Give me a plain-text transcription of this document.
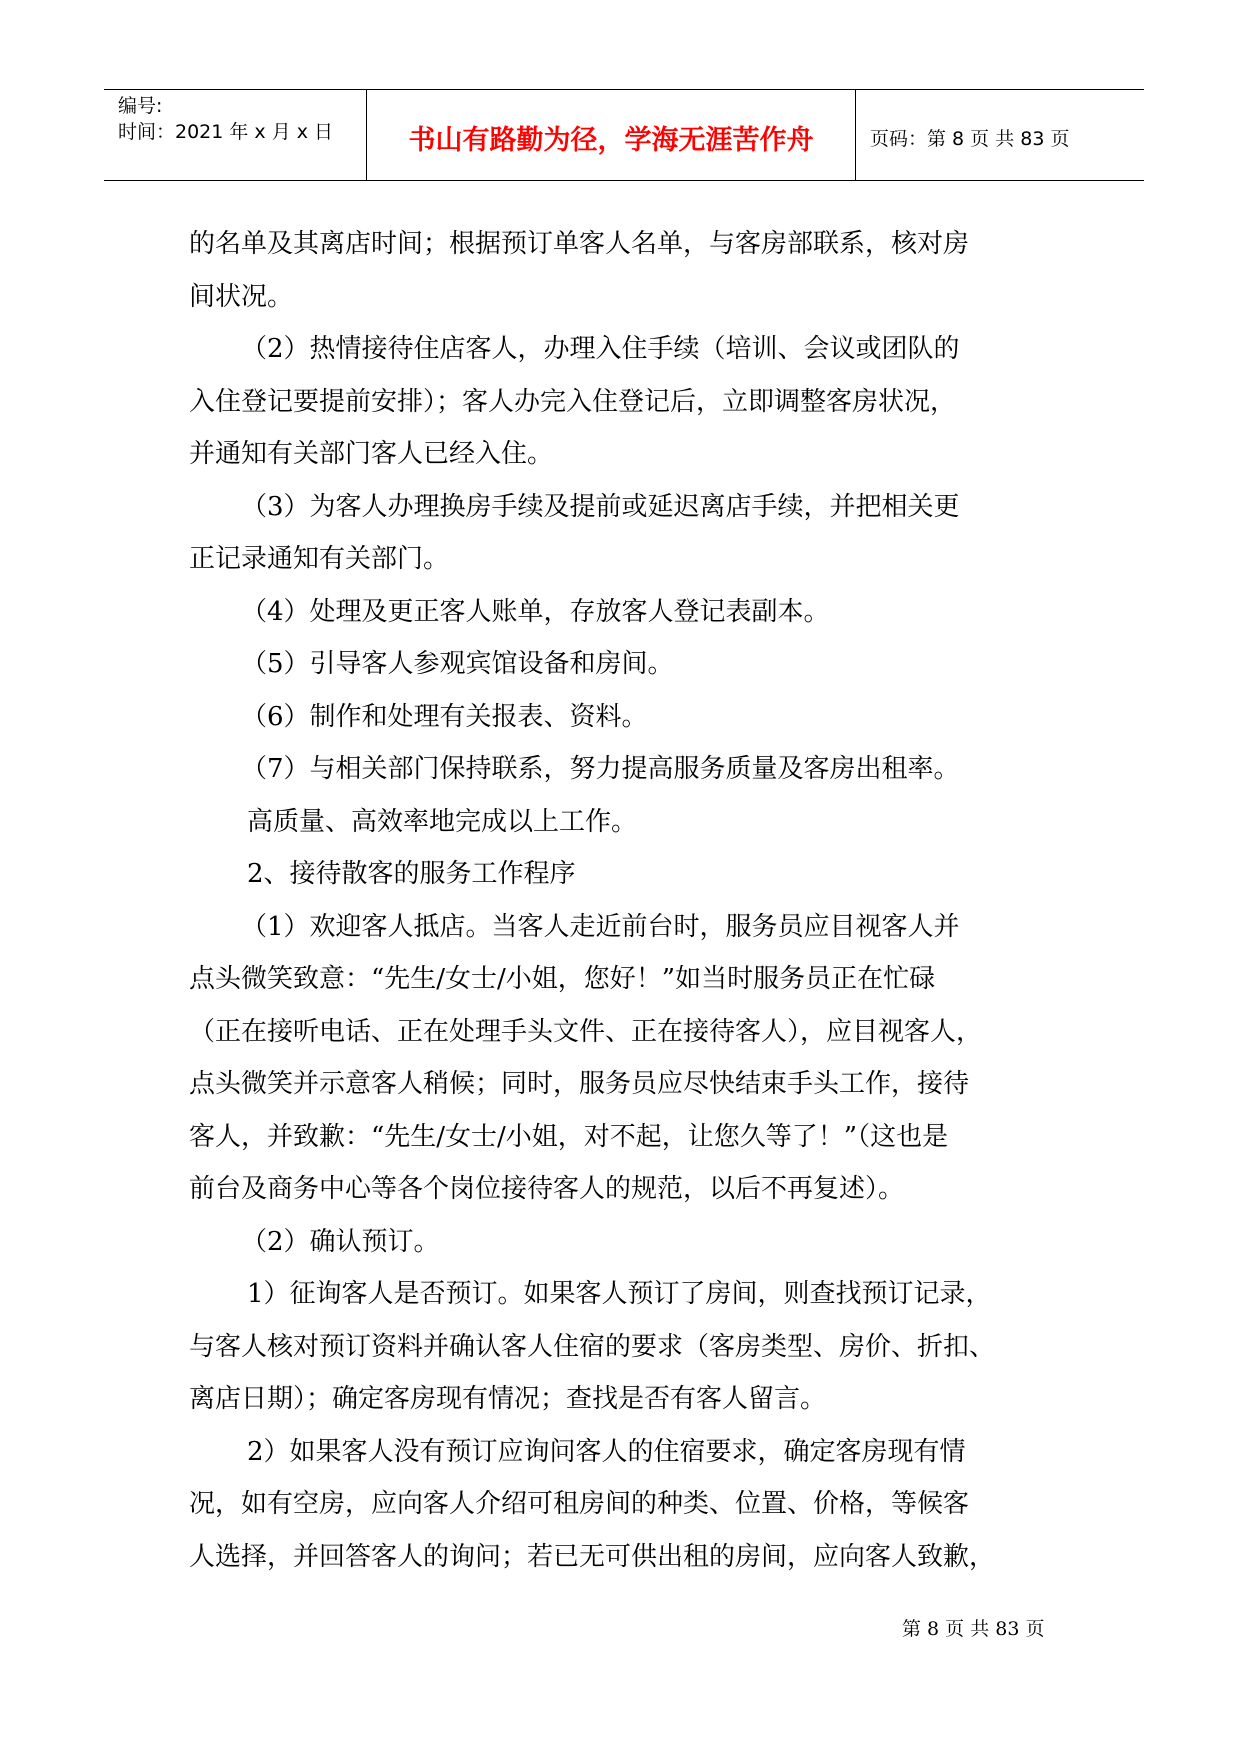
编号:
时间：2021 年 x 月 x 日	书山有路勤为径，学海无涯苦作舟	页码：第 8 页 共 83 页

的名单及其离店时间；根据预订单客人名单，与客房部联系，核对房

间状况。

（2）热情接待住店客人，办理入住手续（培训、会议或团队的

入住登记要提前安排）；客人办完入住登记后，立即调整客房状况，

并通知有关部门客人已经入住。

（3）为客人办理换房手续及提前或延迟离店手续，并把相关更

正记录通知有关部门。

（4）处理及更正客人账单，存放客人登记表副本。

（5）引导客人参观宾馆设备和房间。

（6）制作和处理有关报表、资料。

（7）与相关部门保持联系，努力提高服务质量及客房出租率。

高质量、高效率地完成以上工作。

2、接待散客的服务工作程序

（1）欢迎客人抵店。当客人走近前台时，服务员应目视客人并

点头微笑致意：“先生/女士/小姐，您好！”如当时服务员正在忙碌

（正在接听电话、正在处理手头文件、正在接待客人），应目视客人，

点头微笑并示意客人稍候；同时，服务员应尽快结束手头工作，接待

客人，并致歉：“先生/女士/小姐，对不起，让您久等了！”（这也是

前台及商务中心等各个岗位接待客人的规范，以后不再复述）。

（2）确认预订。

1）征询客人是否预订。如果客人预订了房间，则查找预订记录，

与客人核对预订资料并确认客人住宿的要求（客房类型、房价、折扣、

离店日期）；确定客房现有情况；查找是否有客人留言。

2）如果客人没有预订应询问客人的住宿要求，确定客房现有情

况，如有空房，应向客人介绍可租房间的种类、位置、价格，等候客

人选择，并回答客人的询问；若已无可供出租的房间，应向客人致歉，

第 8 页 共 83 页
